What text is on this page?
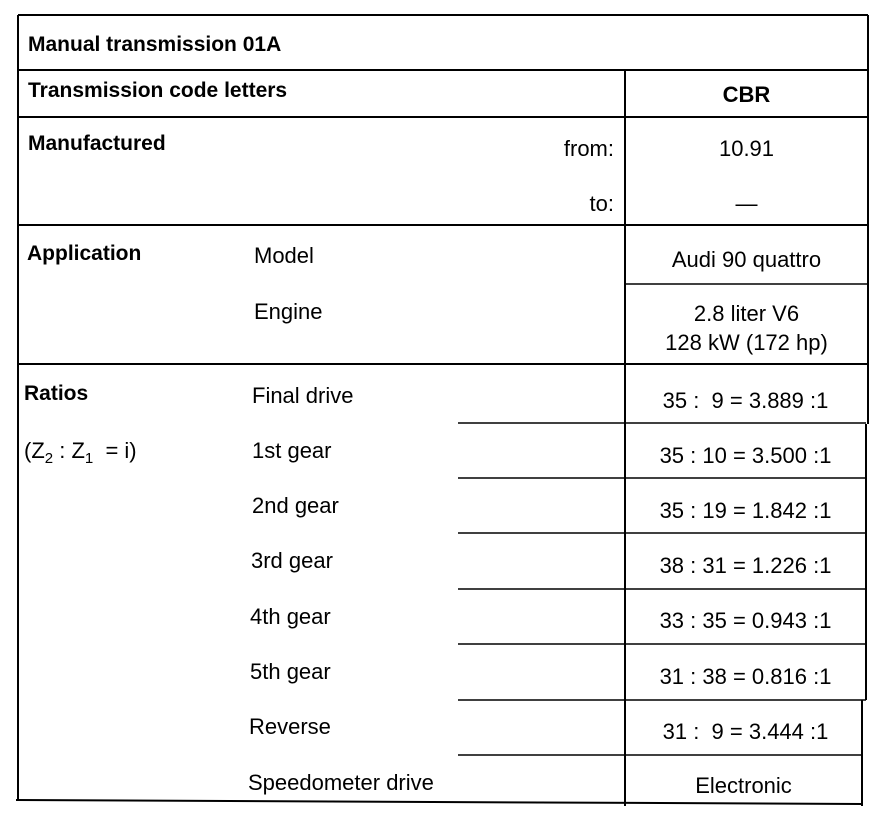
Manual transmission 01A
Transmission code letters	CBR
Manufactured	from:	10.91
to:	—
Application	Model	Audi 90 quattro
Engine	2.8 liter V6
128 kW (172 hp)
Ratios
($Z_2$ : $Z_1 = i$)
Final drive	35 :  9 = 3.889 :1
1st gear	35 : 10 = 3.500 :1
2nd gear	35 : 19 = 1.842 :1
3rd gear	38 : 31 = 1.226 :1
4th gear	33 : 35 = 0.943 :1
5th gear	31 : 38 = 0.816 :1
Reverse	31 :  9 = 3.444 :1
Speedometer drive	Electronic
